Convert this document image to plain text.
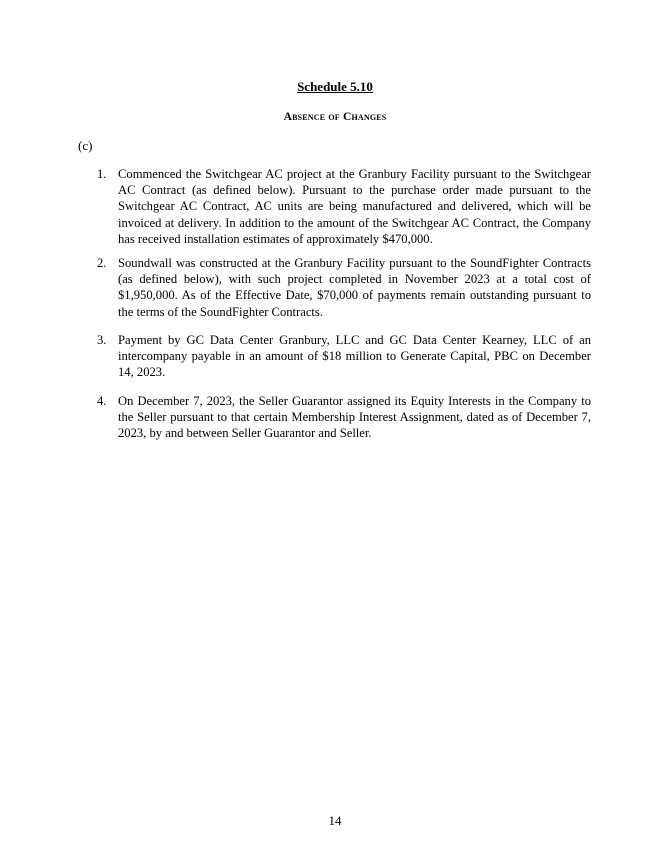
Schedule 5.10
Absence of Changes
(c)
1. Commenced the Switchgear AC project at the Granbury Facility pursuant to the Switchgear AC Contract (as defined below). Pursuant to the purchase order made pursuant to the Switchgear AC Contract, AC units are being manufactured and delivered, which will be invoiced at delivery. In addition to the amount of the Switchgear AC Contract, the Company has received installation estimates of approximately $470,000.
2. Soundwall was constructed at the Granbury Facility pursuant to the SoundFighter Contracts (as defined below), with such project completed in November 2023 at a total cost of $1,950,000. As of the Effective Date, $70,000 of payments remain outstanding pursuant to the terms of the SoundFighter Contracts.
3. Payment by GC Data Center Granbury, LLC and GC Data Center Kearney, LLC of an intercompany payable in an amount of $18 million to Generate Capital, PBC on December 14, 2023.
4. On December 7, 2023, the Seller Guarantor assigned its Equity Interests in the Company to the Seller pursuant to that certain Membership Interest Assignment, dated as of December 7, 2023, by and between Seller Guarantor and Seller.
14
